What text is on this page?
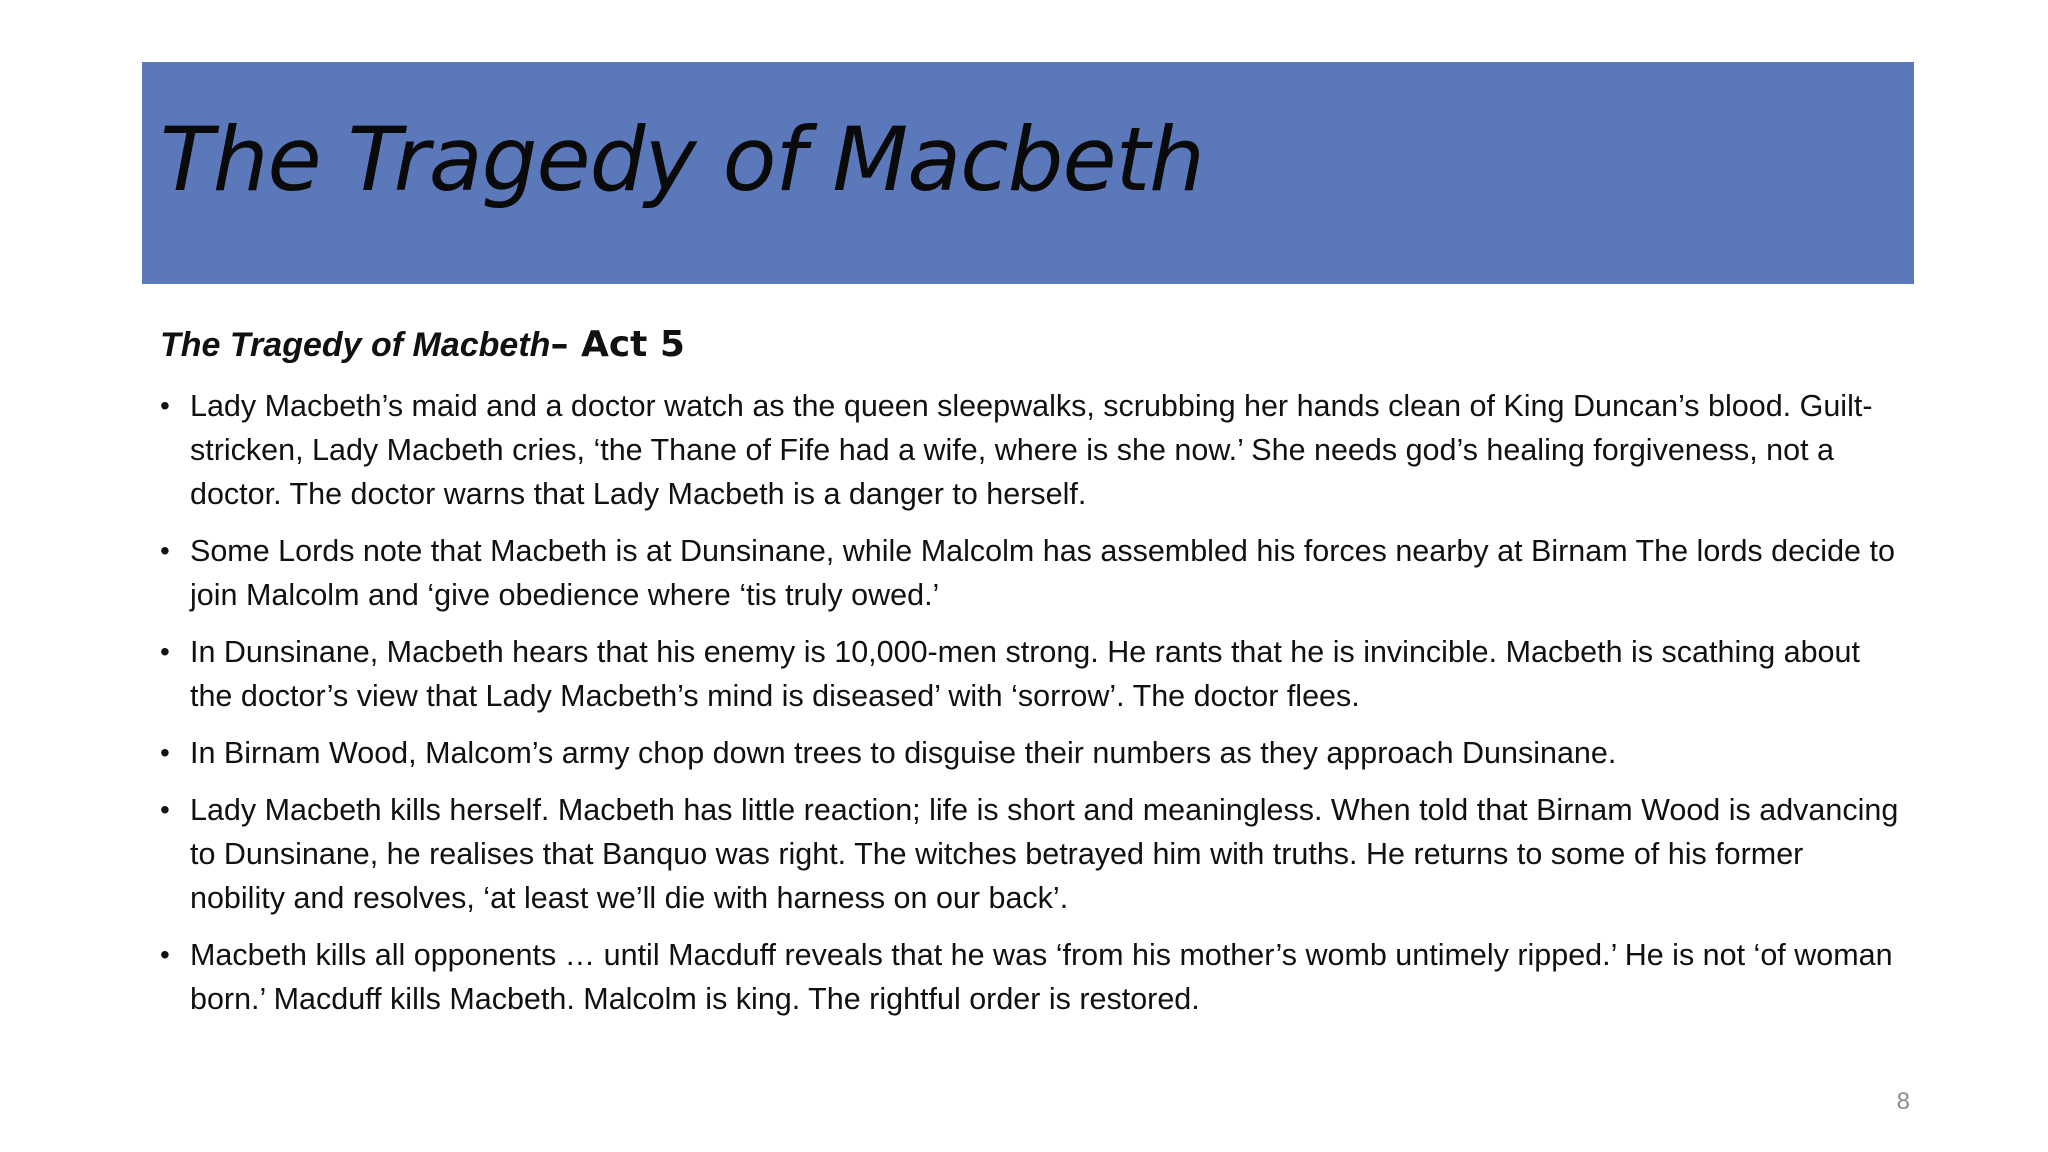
The Tragedy of Macbeth

The Tragedy of Macbeth– Act 5

• Lady Macbeth’s maid and a doctor watch as the queen sleepwalks, scrubbing her hands clean of King Duncan’s blood. Guilt-stricken, Lady Macbeth cries, ‘the Thane of Fife had a wife, where is she now.’ She needs god’s healing forgiveness, not a doctor. The doctor warns that Lady Macbeth is a danger to herself.
• Some Lords note that Macbeth is at Dunsinane, while Malcolm has assembled his forces nearby at Birnam The lords decide to join Malcolm and ‘give obedience where ‘tis truly owed.’
• In Dunsinane, Macbeth hears that his enemy is 10,000-men strong. He rants that he is invincible. Macbeth is scathing about the doctor’s view that Lady Macbeth’s mind is diseased’ with ‘sorrow’. The doctor flees.
• In Birnam Wood, Malcom’s army chop down trees to disguise their numbers as they approach Dunsinane.
• Lady Macbeth kills herself. Macbeth has little reaction; life is short and meaningless. When told that Birnam Wood is advancing to Dunsinane, he realises that Banquo was right. The witches betrayed him with truths. He returns to some of his former nobility and resolves, ‘at least we’ll die with harness on our back’.
• Macbeth kills all opponents … until Macduff reveals that he was ‘from his mother’s womb untimely ripped.’ He is not ‘of woman born.’ Macduff kills Macbeth. Malcolm is king. The rightful order is restored.
8
